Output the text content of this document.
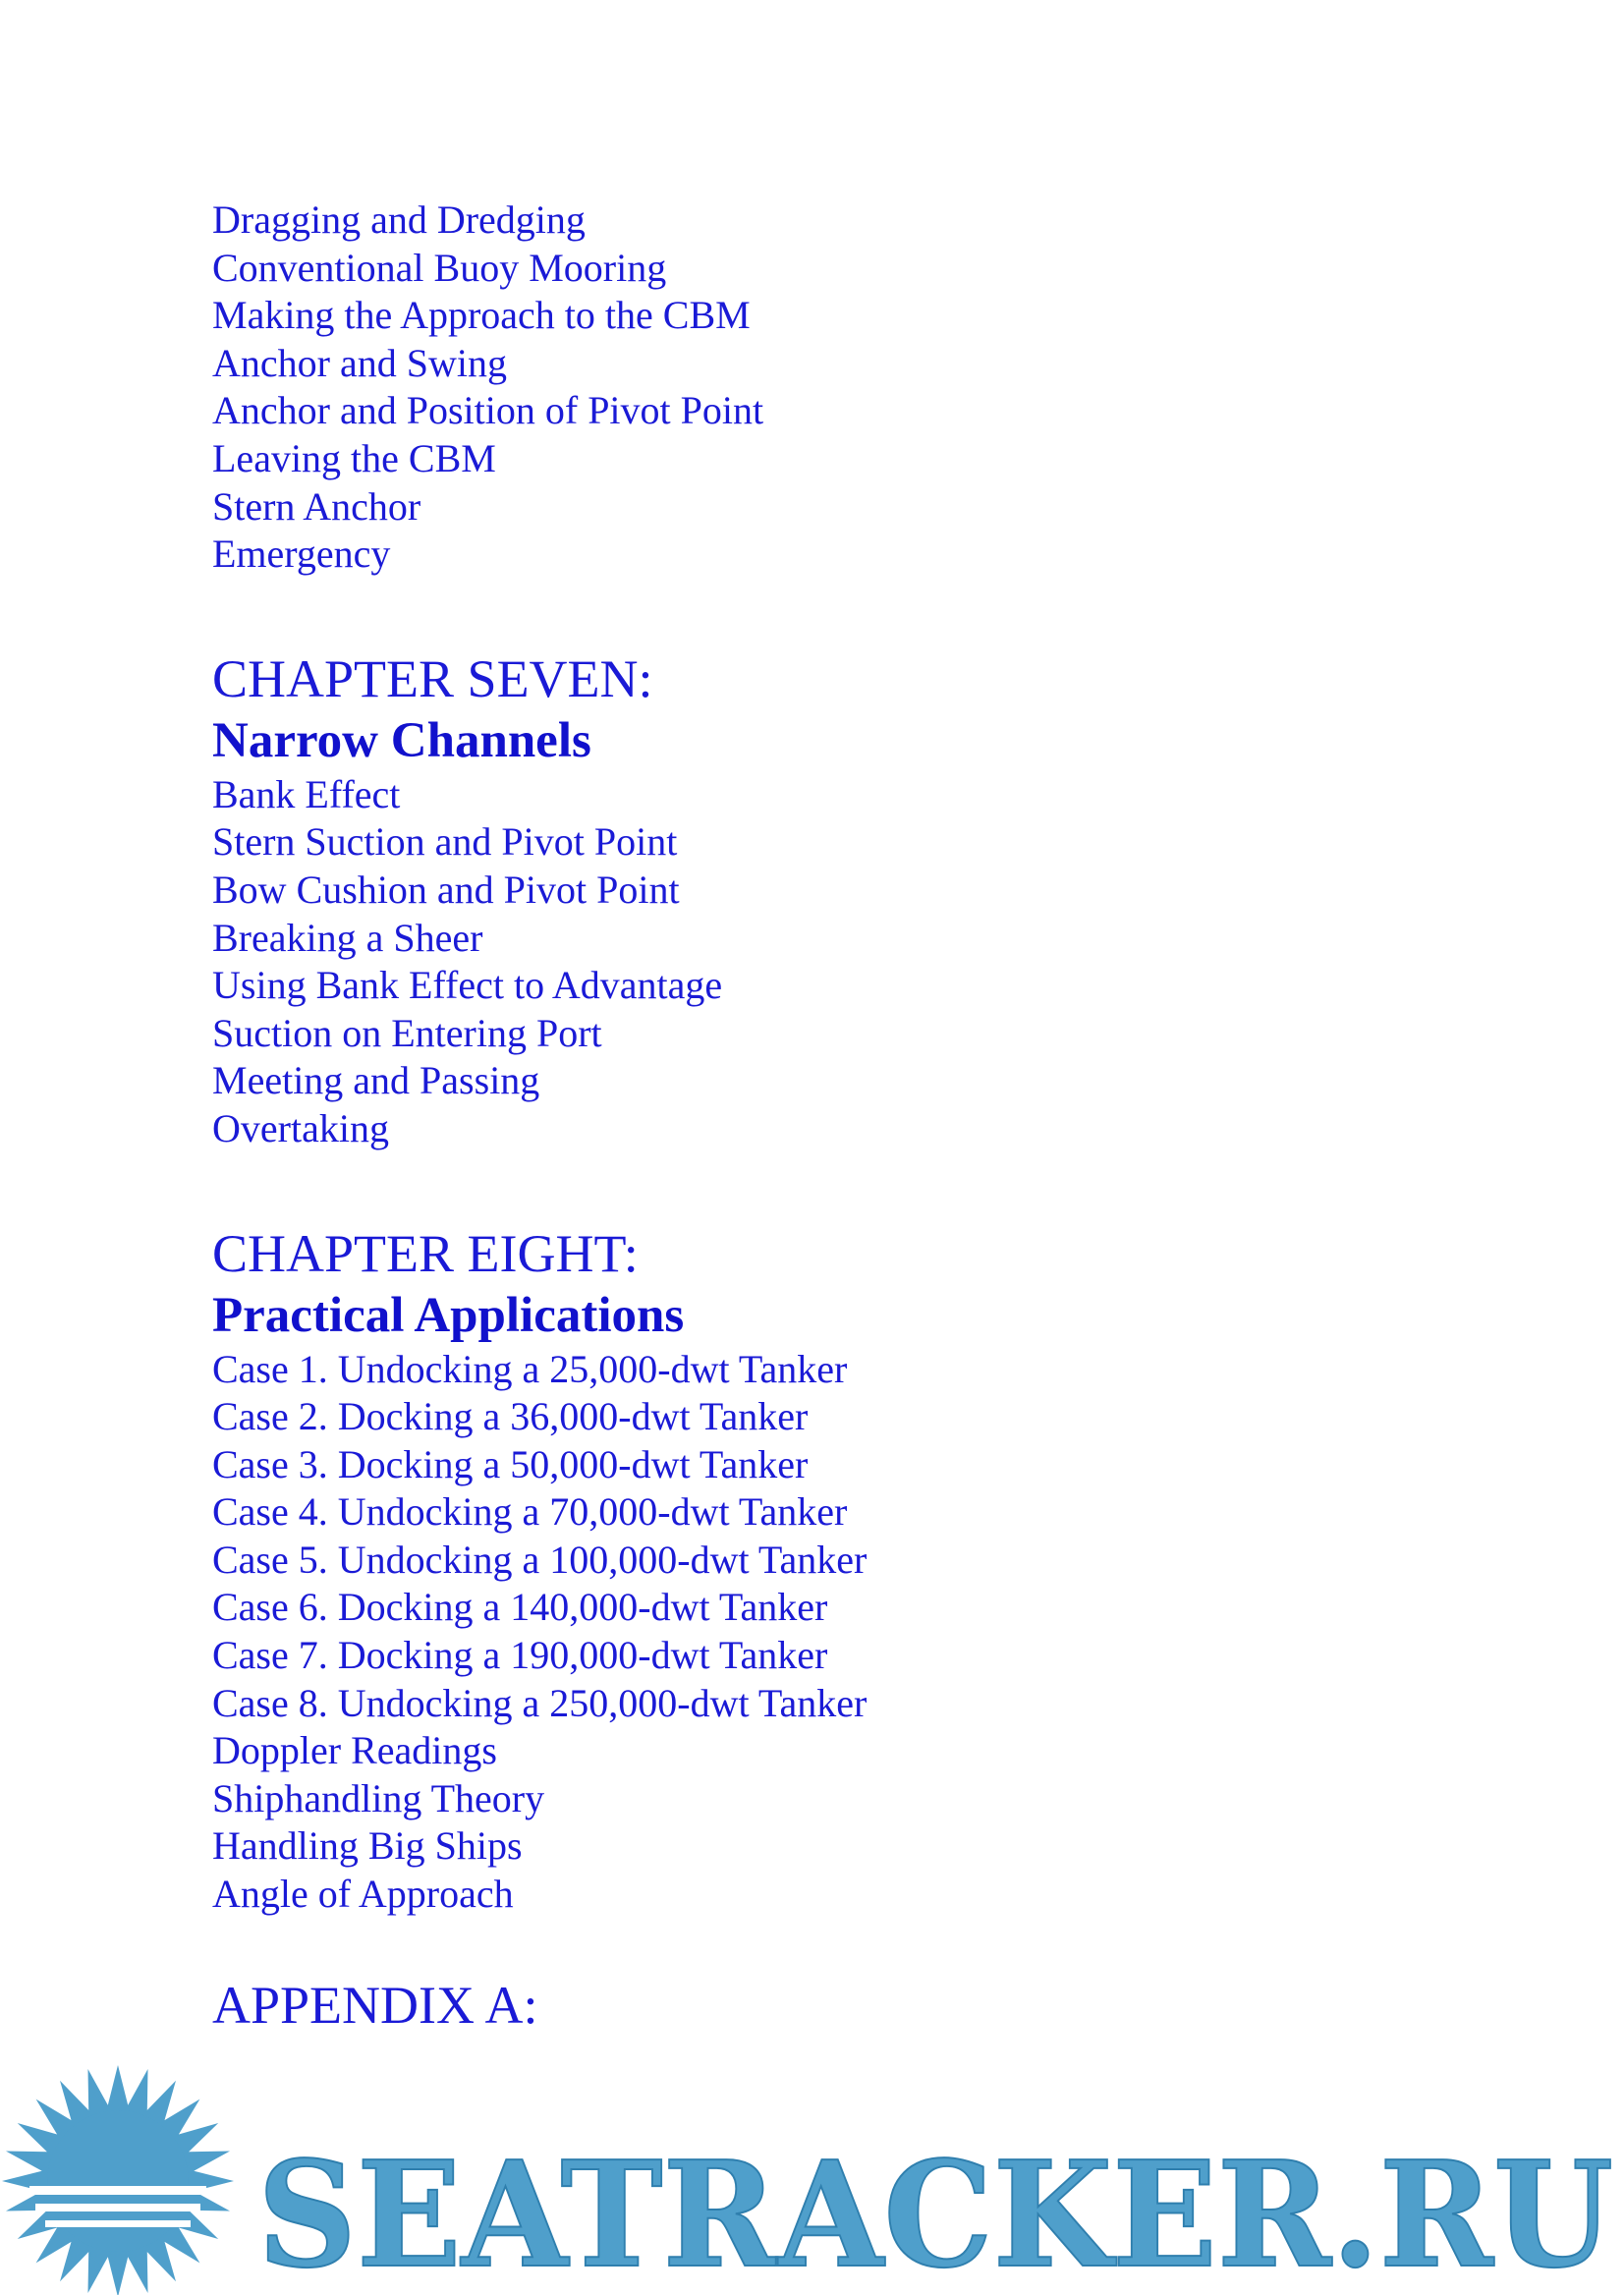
Dragging and Dredging
Conventional Buoy Mooring
Making the Approach to the CBM
Anchor and Swing
Anchor and Position of Pivot Point
Leaving the CBM
Stern Anchor
Emergency
CHAPTER SEVEN:
Narrow Channels
Bank Effect
Stern Suction and Pivot Point
Bow Cushion and Pivot Point
Breaking a Sheer
Using Bank Effect to Advantage
Suction on Entering Port
Meeting and Passing
Overtaking
CHAPTER EIGHT:
Practical Applications
Case 1. Undocking a 25,000-dwt Tanker
Case 2. Docking a 36,000-dwt Tanker
Case 3. Docking a 50,000-dwt Tanker
Case 4. Undocking a 70,000-dwt Tanker
Case 5. Undocking a 100,000-dwt Tanker
Case 6. Docking a 140,000-dwt Tanker
Case 7. Docking a 190,000-dwt Tanker
Case 8. Undocking a 250,000-dwt Tanker
Doppler Readings
Shiphandling Theory
Handling Big Ships
Angle of Approach
APPENDIX A:
SEATRACKER.RU
